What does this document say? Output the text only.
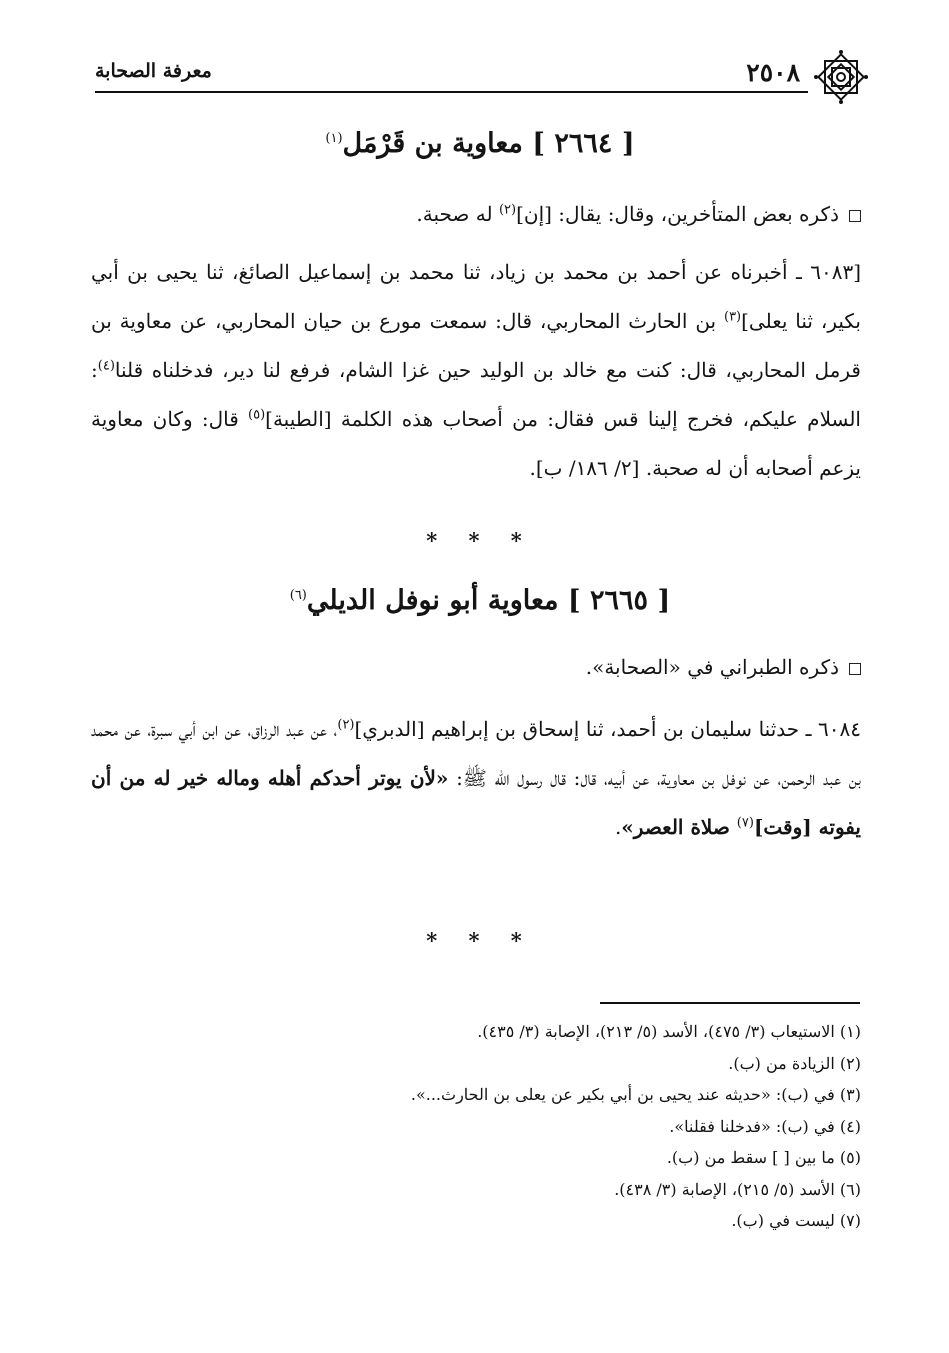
٢٥٠٨
معرفة الصحابة
[ ٢٦٦٤ ] معاوية بن قَرْمَل$^{(١)}$

ذكره بعض المتأخرين، وقال: يقال: [إن]$^{(٢)}$ له صحبة.

[٦٠٨٣ ـ أخبرناه عن أحمد بن محمد بن زياد، ثنا محمد بن إسماعيل الصائغ، ثنا يحيى بن أبي بكير، ثنا يعلى]$^{(٣)}$ بن الحارث المحاربي، قال: سمعت مورع بن حيان المحاربي، عن معاوية بن قرمل المحاربي، قال: كنت مع خالد بن الوليد حين غزا الشام، فرفع لنا دير، فدخلناه قلنا$^{(٤)}$: السلام عليكم، فخرج إلينا قس فقال: من أصحاب هذه الكلمة [الطيبة]$^{(٥)}$ قال: وكان معاوية يزعم أصحابه أن له صحبة. [٢/ ١٨٦/ ب].

* * *
[ ٢٦٦٥ ] معاوية أبو نوفل الديلي$^{(٦)}$

ذكره الطبراني في «الصحابة».

٦٠٨٤ ـ حدثنا سليمان بن أحمد، ثنا إسحاق بن إبراهيم [الدبري]$^{(٢)}$، عن عبد الرزاق، عن ابن أبي سبرة، عن محمد بن عبد الرحمن، عن نوفل بن معاوية، عن أبيه، قال: قال رسول الله ﷺ: «لأن يوتر أحدكم أهله وماله خير له من أن يفوته [وقت]$^{(٧)}$ صلاة العصر».

* * *
(١) الاستيعاب (٣/ ٤٧٥)، الأسد (٥/ ٢١٣)، الإصابة (٣/ ٤٣٥).
(٢) الزيادة من (ب).
(٣) في (ب): «حديثه عند يحيى بن أبي بكير عن يعلى بن الحارث...».
(٤) في (ب): «فدخلنا فقلنا».
(٥) ما بين [ ] سقط من (ب).
(٦) الأسد (٥/ ٢١٥)، الإصابة (٣/ ٤٣٨).
(٧) ليست في (ب).
